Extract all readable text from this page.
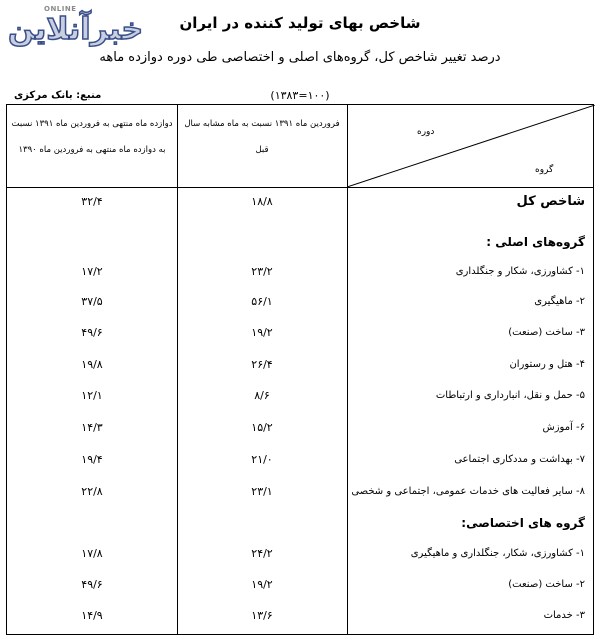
ONLINE
خبرآنلاین	شاخص بهای تولید کننده در ایران
درصد تغییر شاخص کل، گروه‌های اصلی و اختصاصی طی دوره دوازده ماهه
(۱۰۰=۱۳۸۳)
منبع: بانک مرکزی
دوره
گروه
فروردین ماه ۱۳۹۱ نسبت به ماه مشابه سال قبل
دوازده ماه منتهی به فروردین ماه ۱۳۹۱ نسبت به دوازده ماه منتهی به فروردین ماه ۱۳۹۰
شاخص کل
۱۸/۸
۳۲/۴
گروه‌های اصلی :
۱- کشاورزی، شکار و جنگلداری
۲۳/۲
۱۷/۲
۲- ماهیگیری
۵۶/۱
۳۷/۵
۳- ساخت (صنعت)
۱۹/۲
۴۹/۶
۴- هتل و رستوران
۲۶/۴
۱۹/۸
۵- حمل و نقل، انبارداری و ارتباطات
۸/۶
۱۲/۱
۶- آموزش
۱۵/۲
۱۴/۳
۷- بهداشت و مددکاری اجتماعی
۲۱/۰
۱۹/۴
۸- سایر فعالیت های خدمات عمومی، اجتماعی و شخصی
۲۳/۱
۲۲/۸
گروه های اختصاصی:
۱- کشاورزی، شکار، جنگلداری و ماهیگیری
۲۴/۲
۱۷/۸
۲- ساخت (صنعت)
۱۹/۲
۴۹/۶
۳- خدمات
۱۳/۶
۱۴/۹
